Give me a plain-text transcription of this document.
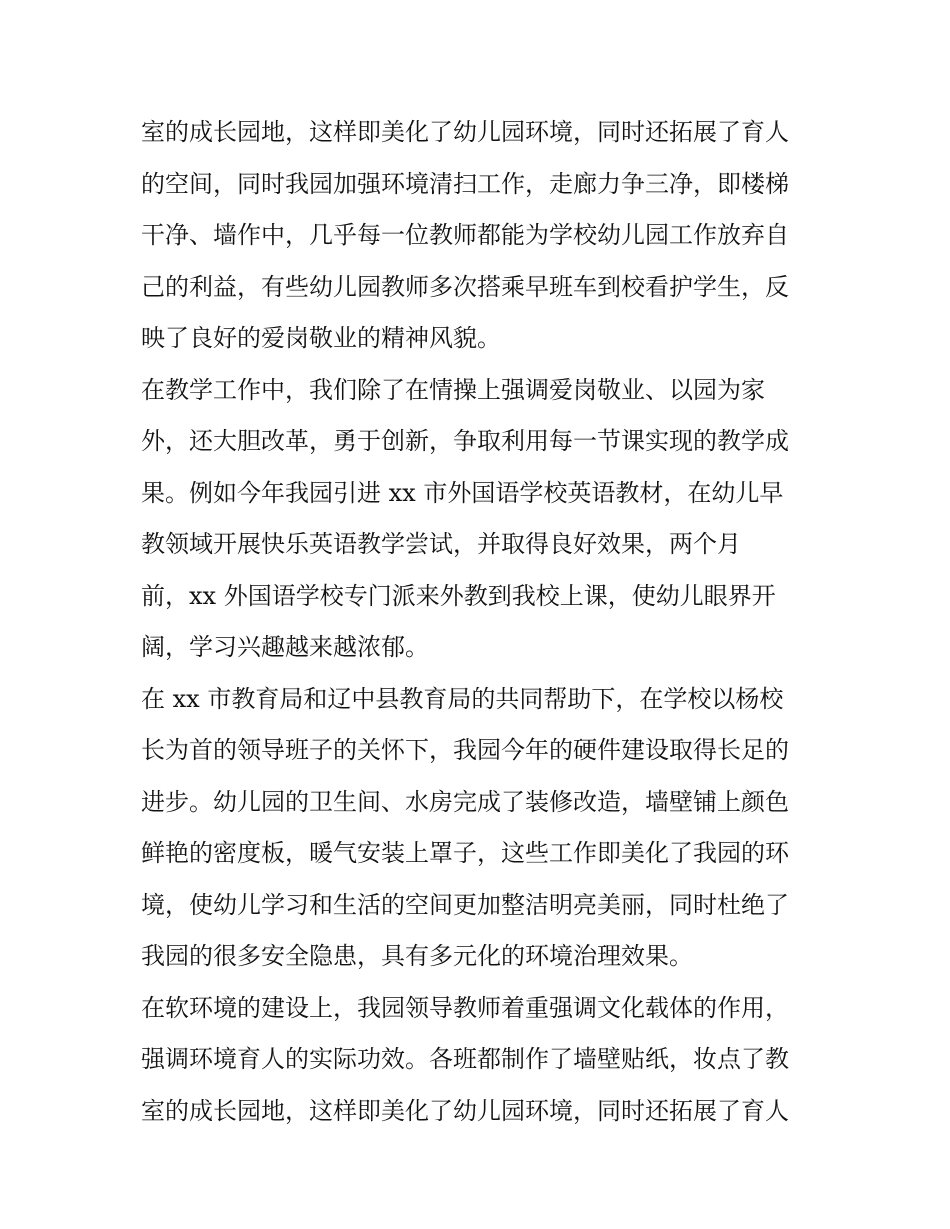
室的成长园地，这样即美化了幼儿园环境，同时还拓展了育人
的空间，同时我园加强环境清扫工作，走廊力争三净，即楼梯
干净、墙作中，几乎每一位教师都能为学校幼儿园工作放弃自
己的利益，有些幼儿园教师多次搭乘早班车到校看护学生，反
映了良好的爱岗敬业的精神风貌。
在教学工作中，我们除了在情操上强调爱岗敬业、以园为家
外，还大胆改革，勇于创新，争取利用每一节课实现的教学成
果。例如今年我园引进 xx 市外国语学校英语教材，在幼儿早
教领域开展快乐英语教学尝试，并取得良好效果，两个月
前，xx 外国语学校专门派来外教到我校上课，使幼儿眼界开
阔，学习兴趣越来越浓郁。
在 xx 市教育局和辽中县教育局的共同帮助下，在学校以杨校
长为首的领导班子的关怀下，我园今年的硬件建设取得长足的
进步。幼儿园的卫生间、水房完成了装修改造，墙壁铺上颜色
鲜艳的密度板，暖气安装上罩子，这些工作即美化了我园的环
境，使幼儿学习和生活的空间更加整洁明亮美丽，同时杜绝了
我园的很多安全隐患，具有多元化的环境治理效果。
在软环境的建设上，我园领导教师着重强调文化载体的作用，
强调环境育人的实际功效。各班都制作了墙壁贴纸，妆点了教
室的成长园地，这样即美化了幼儿园环境，同时还拓展了育人
